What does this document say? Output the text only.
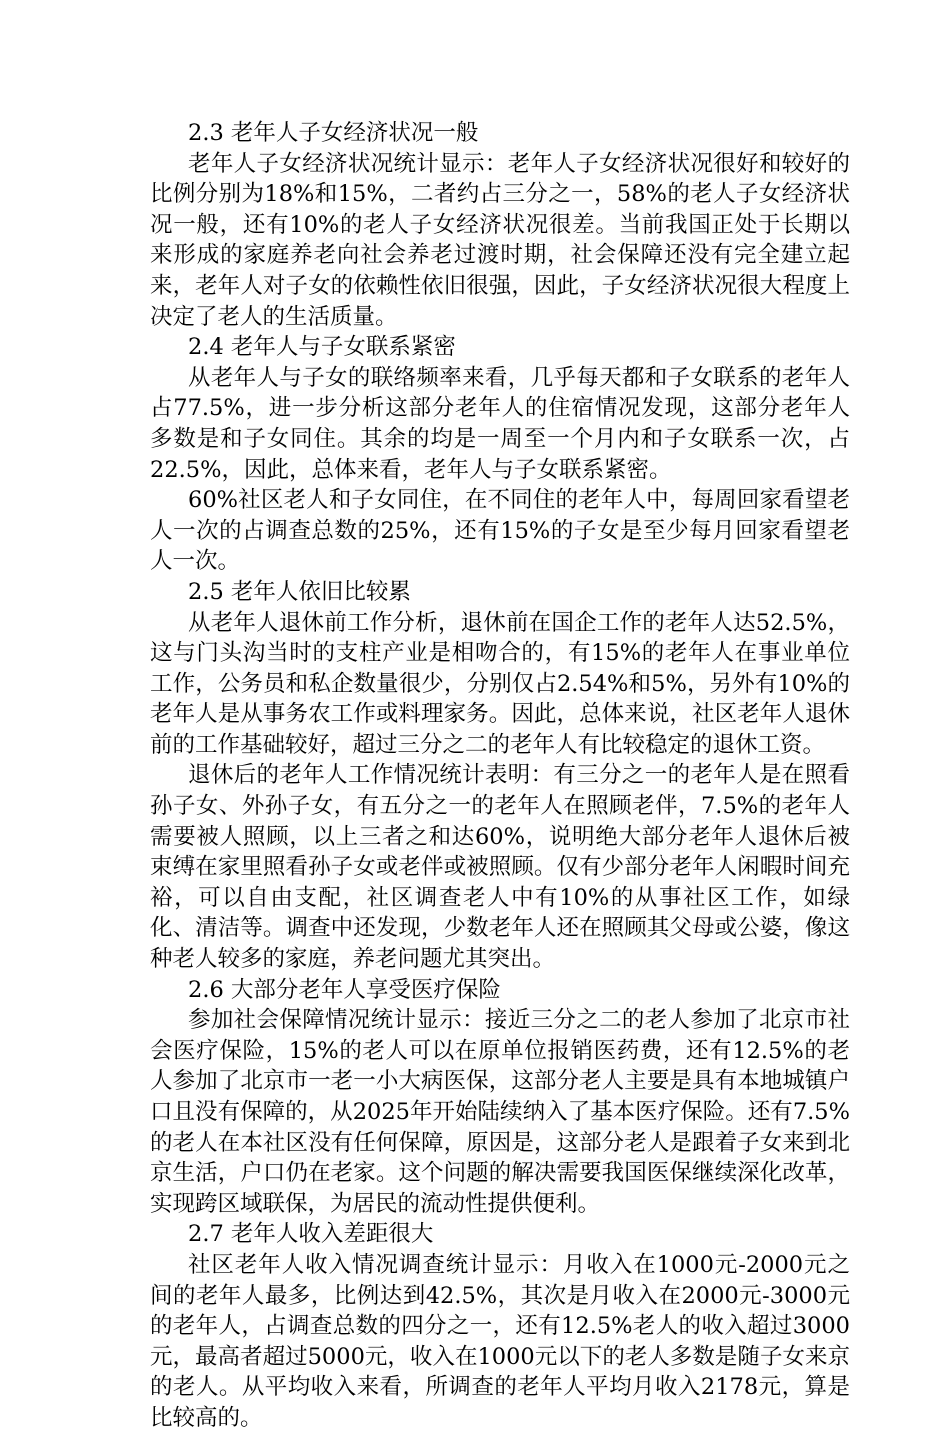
2.3 老年人子女经济状况一般

老年人子女经济状况统计显示：老年人子女经济状况很好和较好的比例分别为18%和15%，二者约占三分之一，58%的老人子女经济状况一般，还有10%的老人子女经济状况很差。当前我国正处于长期以来形成的家庭养老向社会养老过渡时期，社会保障还没有完全建立起来，老年人对子女的依赖性依旧很强，因此，子女经济状况很大程度上决定了老人的生活质量。

2.4 老年人与子女联系紧密

从老年人与子女的联络频率来看，几乎每天都和子女联系的老年人占77.5%，进一步分析这部分老年人的住宿情况发现，这部分老年人多数是和子女同住。其余的均是一周至一个月内和子女联系一次，占22.5%，因此，总体来看，老年人与子女联系紧密。

60%社区老人和子女同住，在不同住的老年人中，每周回家看望老人一次的占调查总数的25%，还有15%的子女是至少每月回家看望老人一次。

2.5 老年人依旧比较累

从老年人退休前工作分析，退休前在国企工作的老年人达52.5%，这与门头沟当时的支柱产业是相吻合的，有15%的老年人在事业单位工作，公务员和私企数量很少，分别仅占2.54%和5%，另外有10%的老年人是从事务农工作或料理家务。因此，总体来说，社区老年人退休前的工作基础较好，超过三分之二的老年人有比较稳定的退休工资。

退休后的老年人工作情况统计表明：有三分之一的老年人是在照看孙子女、外孙子女，有五分之一的老年人在照顾老伴，7.5%的老年人需要被人照顾，以上三者之和达60%，说明绝大部分老年人退休后被束缚在家里照看孙子女或老伴或被照顾。仅有少部分老年人闲暇时间充裕，可以自由支配，社区调查老人中有10%的从事社区工作，如绿化、清洁等。调查中还发现，少数老年人还在照顾其父母或公婆，像这种老人较多的家庭，养老问题尤其突出。

2.6 大部分老年人享受医疗保险

参加社会保障情况统计显示：接近三分之二的老人参加了北京市社会医疗保险，15%的老人可以在原单位报销医药费，还有12.5%的老人参加了北京市一老一小大病医保，这部分老人主要是具有本地城镇户口且没有保障的，从2025年开始陆续纳入了基本医疗保险。还有7.5%的老人在本社区没有任何保障，原因是，这部分老人是跟着子女来到北京生活，户口仍在老家。这个问题的解决需要我国医保继续深化改革，实现跨区域联保，为居民的流动性提供便利。

2.7 老年人收入差距很大

社区老年人收入情况调查统计显示：月收入在1000元-2000元之间的老年人最多，比例达到42.5%，其次是月收入在2000元-3000元的老年人，占调查总数的四分之一，还有12.5%老人的收入超过3000元，最高者超过5000元，收入在1000元以下的老人多数是随子女来京的老人。从平均收入来看，所调查的老年人平均月收入2178元，算是比较高的。
